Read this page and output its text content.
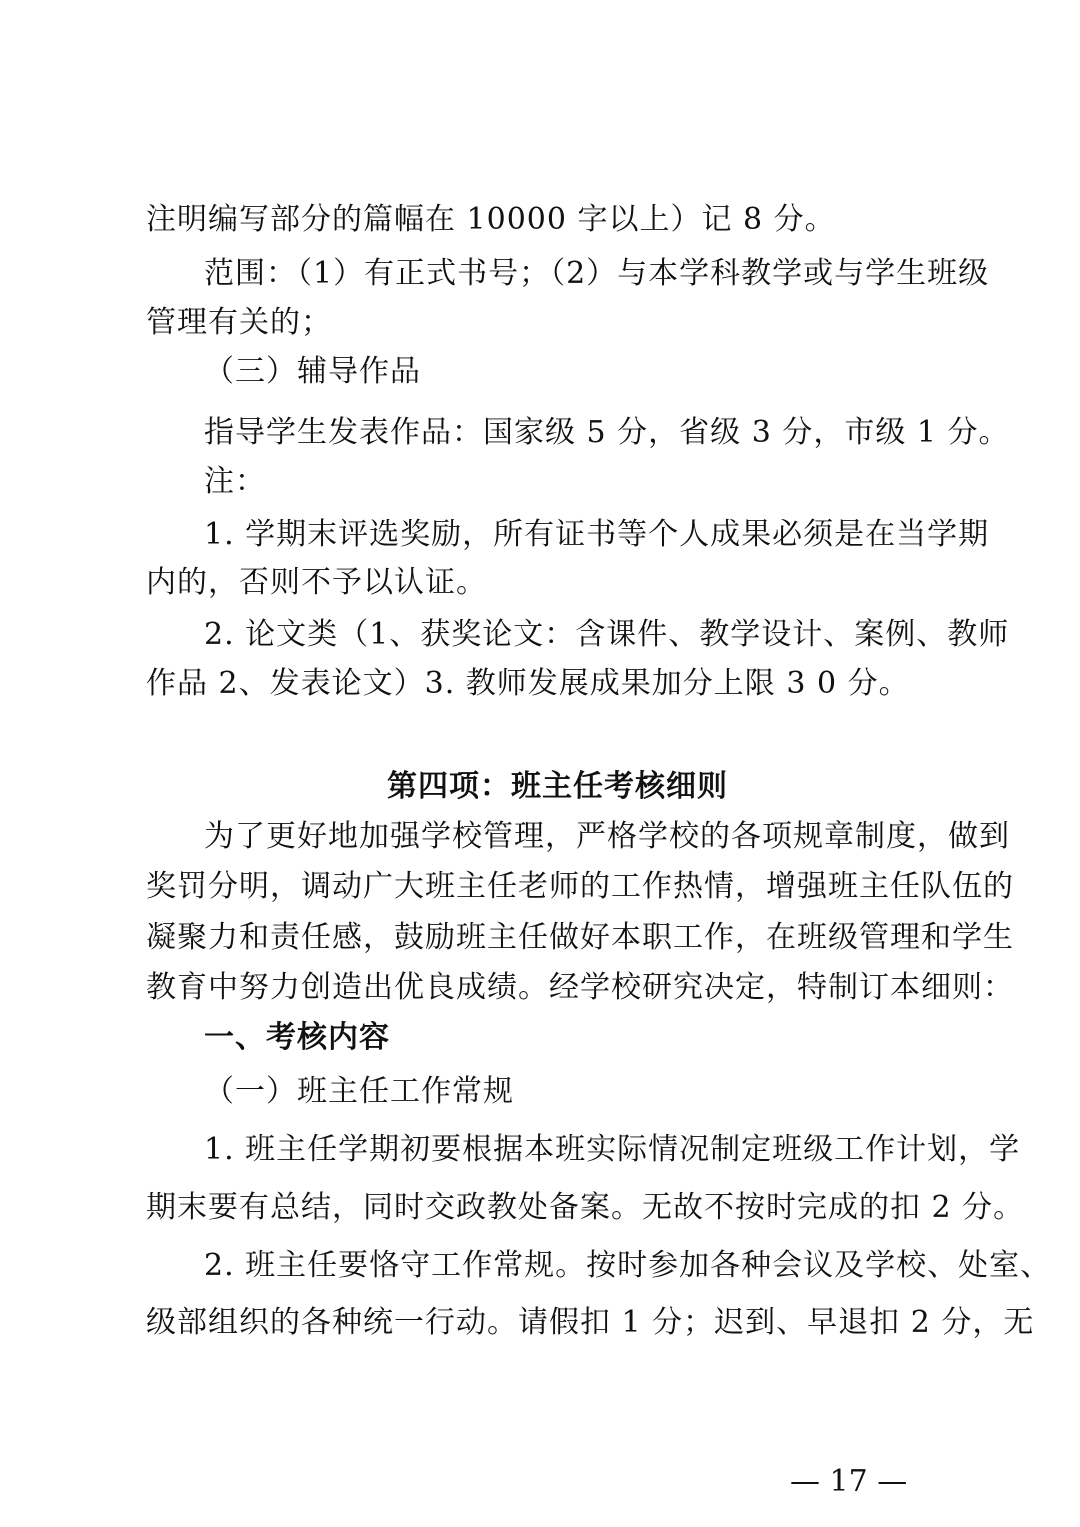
注明编写部分的篇幅在 10000 字以上）记 8 分。
范围：（1）有正式书号；（2）与本学科教学或与学生班级
管理有关的；
（三）辅导作品
指导学生发表作品：国家级 5 分，省级 3 分，市级 1 分。
注：
1. 学期末评选奖励，所有证书等个人成果必须是在当学期
内的，否则不予以认证。
2. 论文类（1、获奖论文：含课件、教学设计、案例、教师
作品 2、发表论文）3. 教师发展成果加分上限 3 0 分。
第四项：班主任考核细则
为了更好地加强学校管理，严格学校的各项规章制度，做到
奖罚分明，调动广大班主任老师的工作热情，增强班主任队伍的
凝聚力和责任感，鼓励班主任做好本职工作，在班级管理和学生
教育中努力创造出优良成绩。经学校研究决定，特制订本细则：
一、考核内容
（一）班主任工作常规
1. 班主任学期初要根据本班实际情况制定班级工作计划，学
期末要有总结，同时交政教处备案。无故不按时完成的扣 2 分。
2. 班主任要恪守工作常规。按时参加各种会议及学校、处室、
级部组织的各种统一行动。请假扣 1 分；迟到、早退扣 2 分，无
— 17 —
